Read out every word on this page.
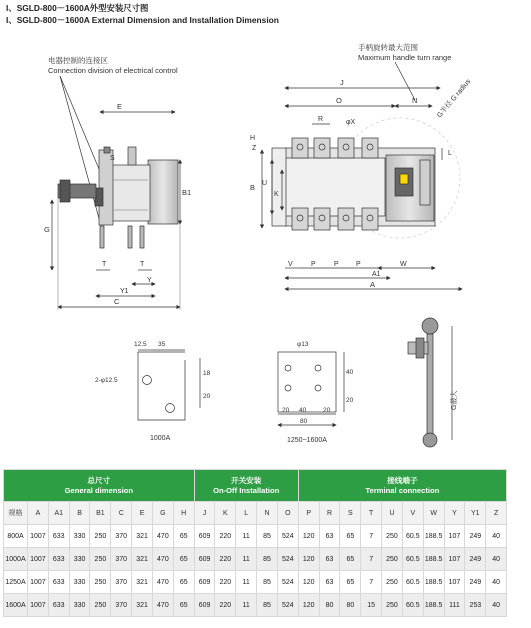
I、SGLD-800－1600A外型安装尺寸图
I、SGLD-800－1600A External Dimension and Installation Dimension
电器控制的连接区
Connection division of electrical control
E
S
B1
G
T	T
Y
Y1
C
手柄旋转最大范围
Maximum handle turn range
G半径 G radius
J
O	N
R	φX
H
Z
B U
K
L
V	P	P P	W
A1
A
12.5 35
2-φ12.5
18
20
1000A
φ13
40
20
20 40	20
80
1250~1600A
G最大
总尺寸
General dimension									开关安装
On-Off Installation					接线端子
Terminal connection									

规格	A	A1	B	B1	C	E	G	H	J	K	L	N	O	P	R	S	T	U	V	W	Y	Y1	Z
800A	1007	633	330	250	370	321	470	65	609	220	11	85	524	120	63	65	7	250	60.5	188.5	107	249	40
1000A	1007	633	330	250	370	321	470	65	609	220	11	85	524	120	63	65	7	250	60.5	188.5	107	249	40
1250A	1007	633	330	250	370	321	470	65	609	220	11	85	524	120	63	65	7	250	60.5	188.5	107	249	40
1600A	1007	633	330	250	370	321	470	65	609	220	11	85	524	120	80	80	15	250	60.5	188.5	111	253	40
